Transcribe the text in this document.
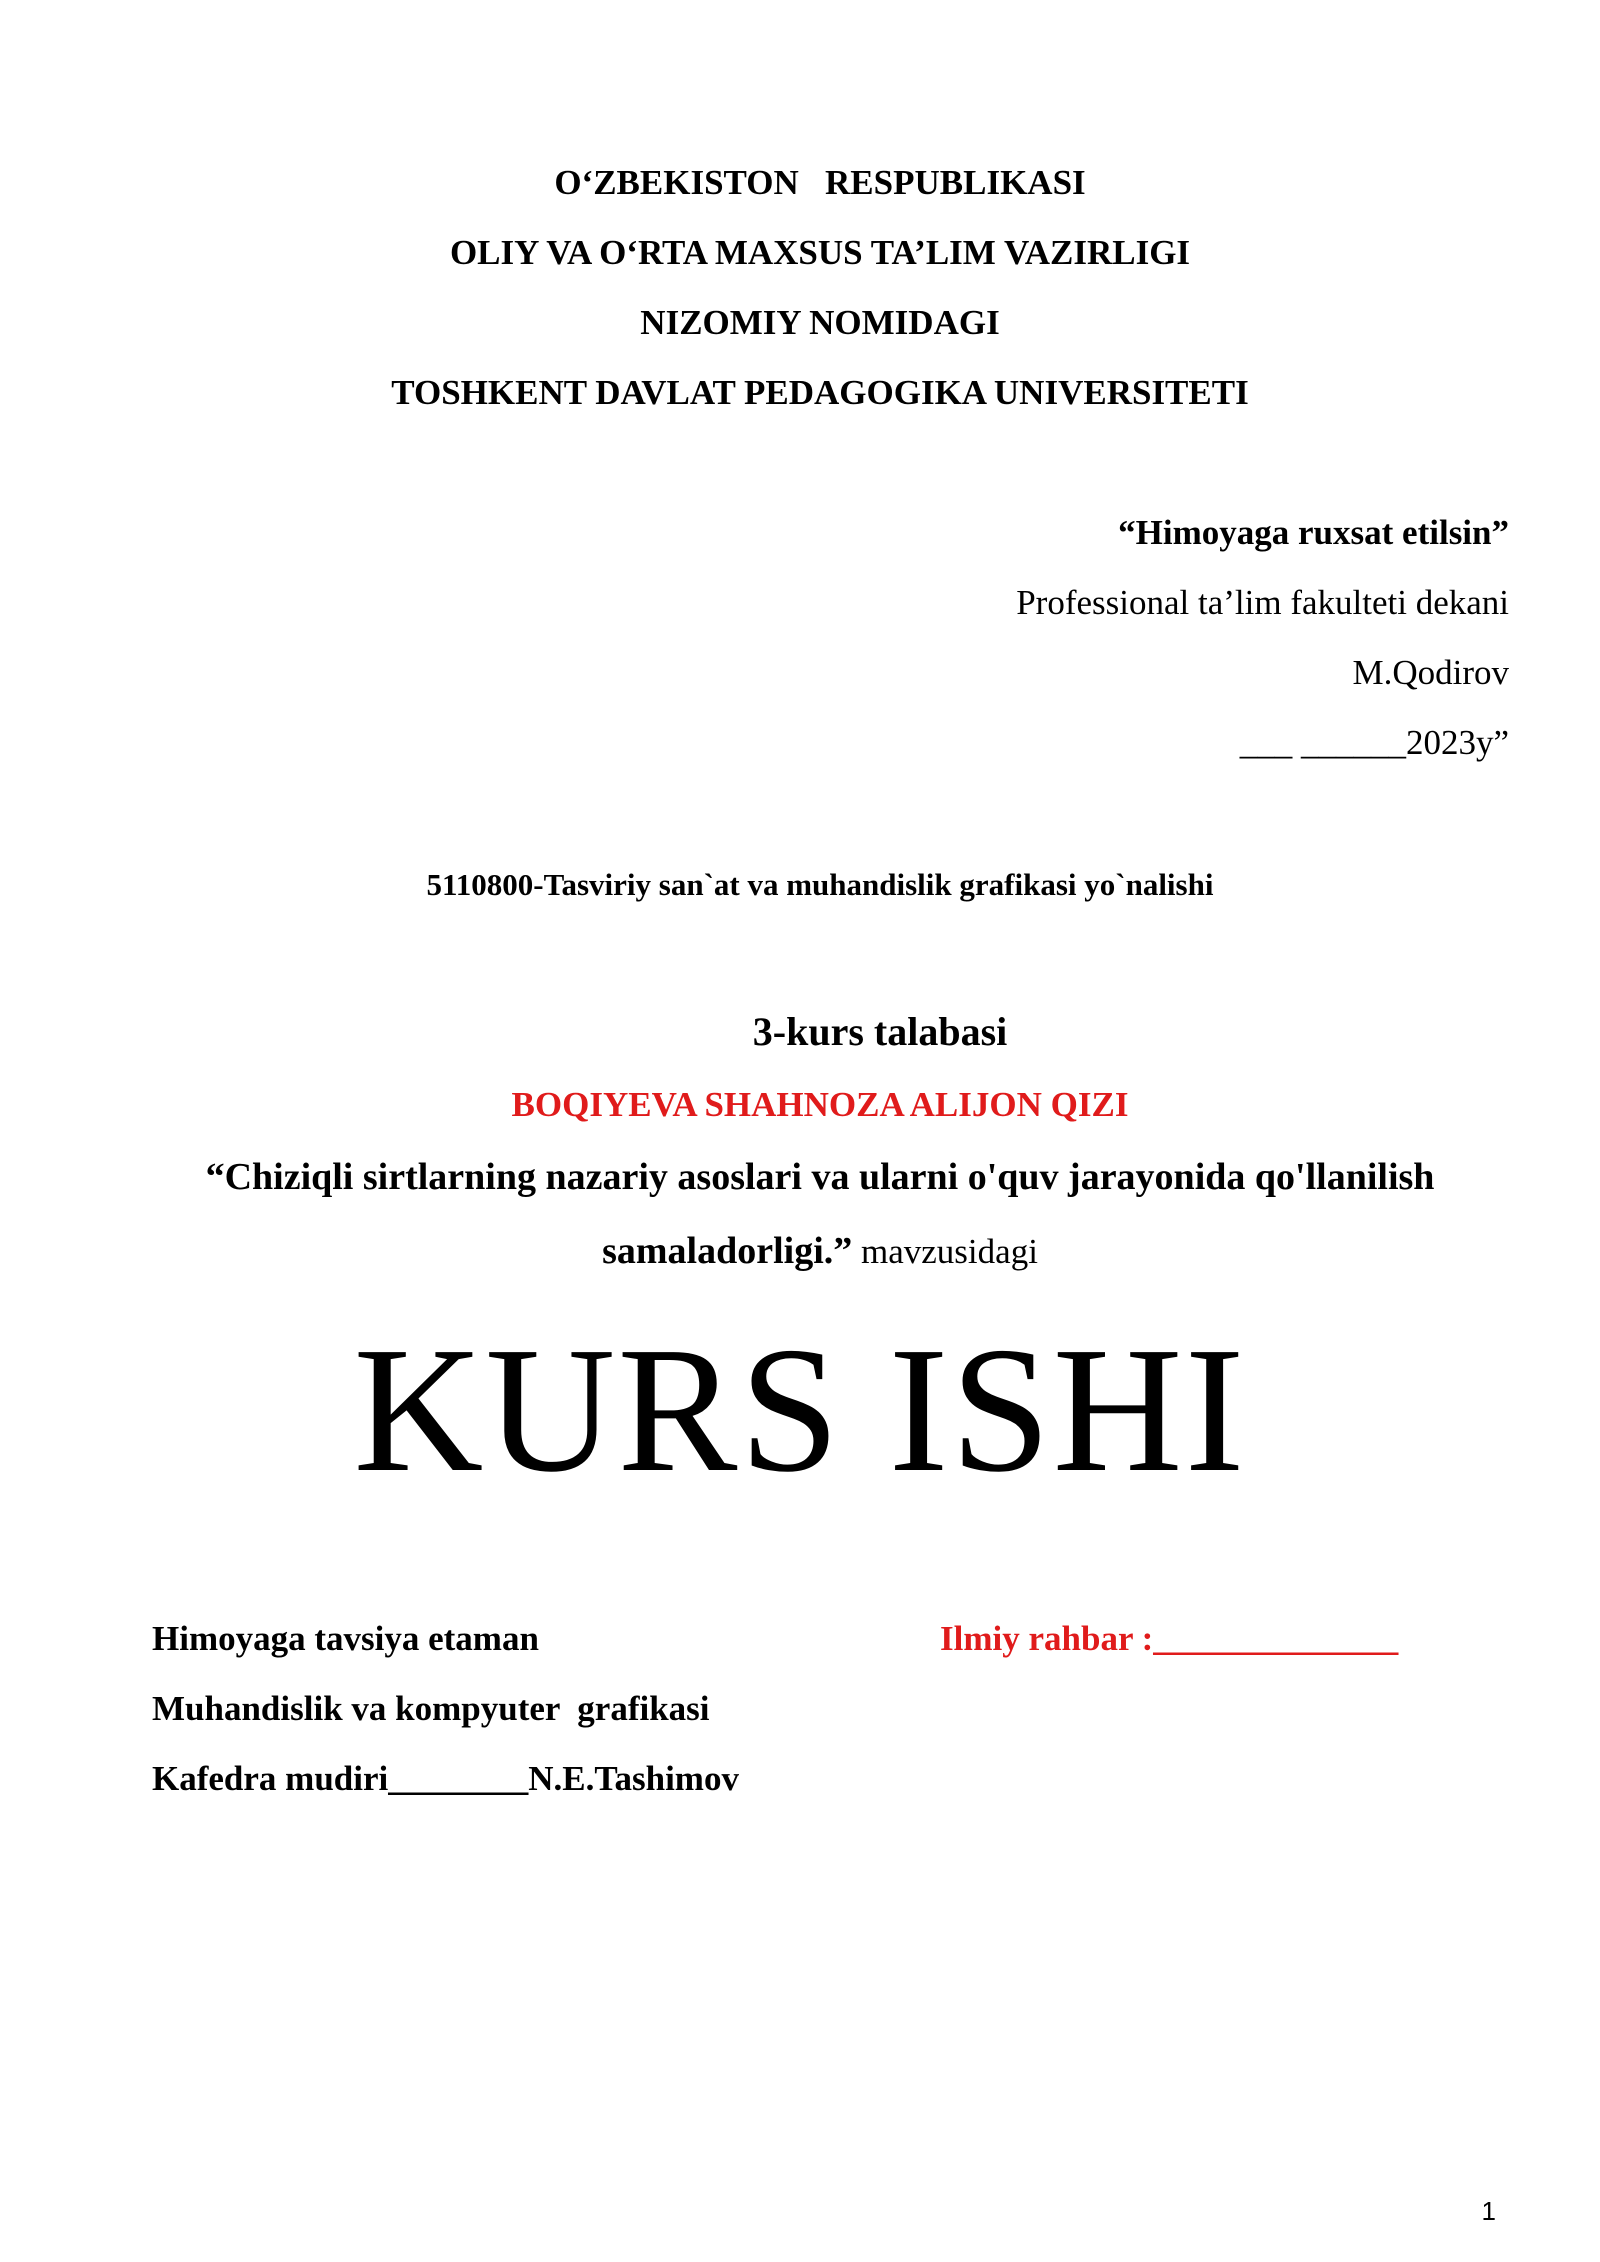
O‘ZBEKISTON   RESPUBLIKASI
OLIY VA O‘RTA MAXSUS TA’LIM VAZIRLIGI
NIZOMIY NOMIDAGI
TOSHKENT DAVLAT PEDAGOGIKA UNIVERSITETI
“Himoyaga ruxsat etilsin”
Professional ta’lim fakulteti dekani
M.Qodirov
___ ______2023y”
5110800-Tasviriy san`at va muhandislik grafikasi yo`nalishi
3-kurs talabasi
BOQIYEVA SHAHNOZA ALIJON QIZI
“Chiziqli sirtlarning nazariy asoslari va ularni o'quv jarayonida qo'llanilish samaladorligi.” mavzusidagi
KURS ISHI
Himoyaga tavsiya etaman
Muhandislik va kompyuter  grafikasi
Kafedra mudiri________N.E.Tashimov
Ilmiy rahbar :______________
1
